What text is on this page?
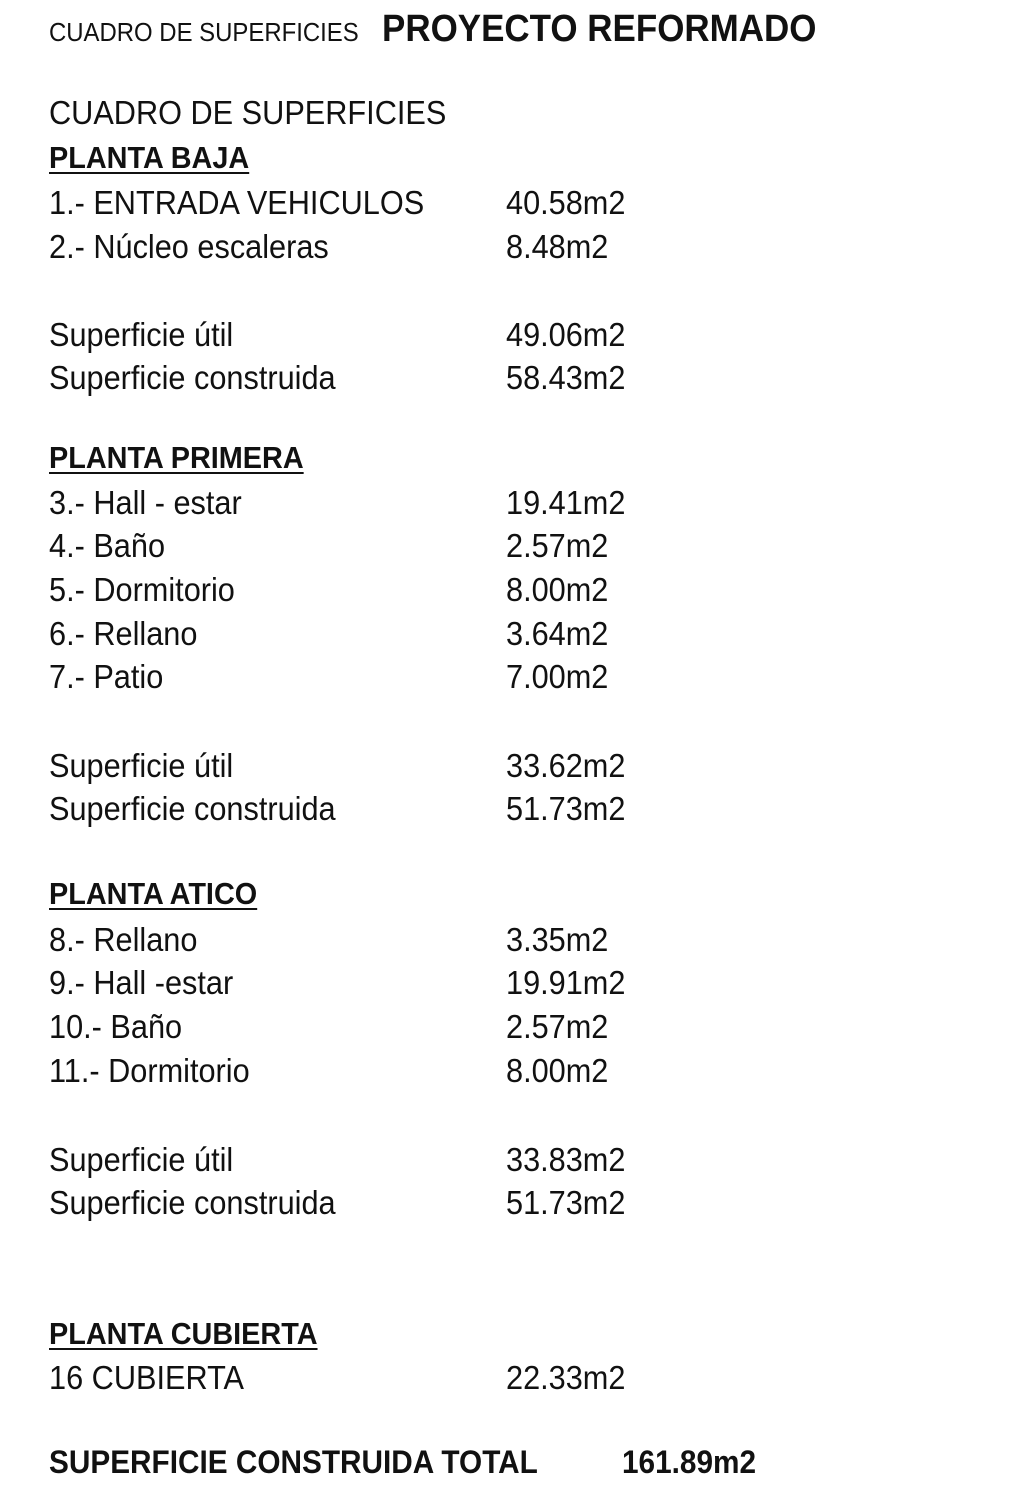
CUADRO DE SUPERFICIES PROYECTO REFORMADO
CUADRO DE SUPERFICIES
PLANTA BAJA
1.- ENTRADA VEHICULOS 40.58m2
2.- Núcleo escaleras	8.48m2
Superficie útil	49.06m2
Superficie construida	58.43m2
PLANTA PRIMERA
3.- Hall - estar	19.41m2
4.- Baño	2.57m2
5.- Dormitorio	8.00m2
6.- Rellano	3.64m2
7.- Patio	7.00m2
Superficie útil	33.62m2
Superficie construida	51.73m2
PLANTA ATICO
8.- Rellano	3.35m2
9.- Hall -estar	19.91m2
10.- Baño	2.57m2
11.- Dormitorio	8.00m2
Superficie útil	33.83m2
Superficie construida	51.73m2
PLANTA CUBIERTA
16 CUBIERTA	22.33m2
SUPERFICIE CONSTRUIDA TOTAL	161.89m2
